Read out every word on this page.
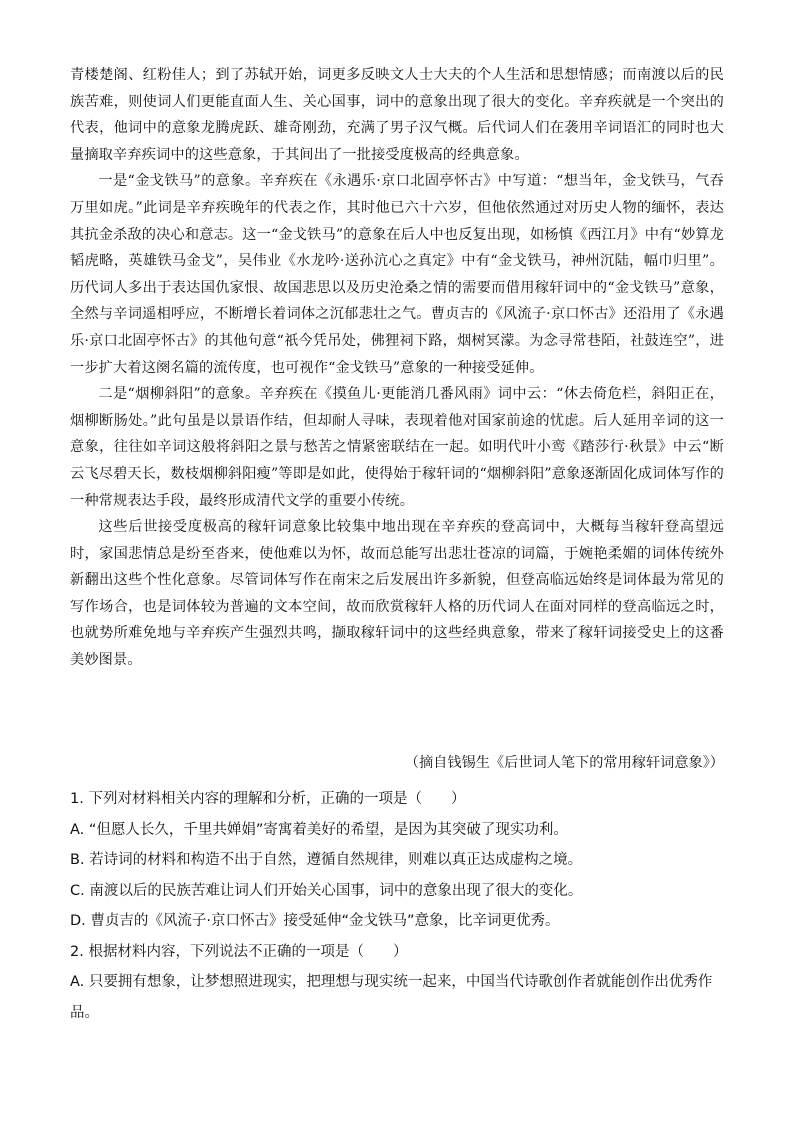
青楼楚阁、红粉佳人；到了苏轼开始，词更多反映文人士大夫的个人生活和思想情感；而南渡以后的民族苦难，则使词人们更能直面人生、关心国事，词中的意象出现了很大的变化。辛弃疾就是一个突出的代表，他词中的意象龙腾虎跃、雄奇刚劲，充满了男子汉气概。后代词人们在袭用辛词语汇的同时也大量摘取辛弃疾词中的这些意象，于其间出了一批接受度极高的经典意象。

一是“金戈铁马”的意象。辛弃疾在《永遇乐·京口北固亭怀古》中写道：“想当年，金戈铁马，气吞万里如虎。”此词是辛弃疾晚年的代表之作，其时他已六十六岁，但他依然通过对历史人物的缅怀，表达其抗金杀敌的决心和意志。这一“金戈铁马”的意象在后人中也反复出现，如杨慎《西江月》中有“妙算龙韬虎略，英雄铁马金戈”，吴伟业《水龙吟·送孙沆心之真定》中有“金戈铁马，神州沉陆，幅巾归里”。历代词人多出于表达国仇家恨、故国悲思以及历史沧桑之情的需要而借用稼轩词中的“金戈铁马”意象，全然与辛词遥相呼应，不断增长着词体之沉郁悲壮之气。曹贞吉的《风流子·京口怀古》还沿用了《永遇乐·京口北固亭怀古》的其他句意“祇今凭吊处，佛狸祠下路，烟树冥濛。为念寻常巷陌，社鼓连空”，进一步扩大着这阕名篇的流传度，也可视作“金戈铁马”意象的一种接受延伸。

二是“烟柳斜阳”的意象。辛弃疾在《摸鱼儿·更能消几番风雨》词中云：“休去倚危栏，斜阳正在，烟柳断肠处。”此句虽是以景语作结，但却耐人寻味，表现着他对国家前途的忧虑。后人延用辛词的这一意象，往往如辛词这般将斜阳之景与愁苦之情紧密联结在一起。如明代叶小鸾《踏莎行·秋景》中云“断云飞尽碧天长，数枝烟柳斜阳瘦”等即是如此，使得始于稼轩词的“烟柳斜阳”意象逐渐固化成词体写作的一种常规表达手段，最终形成清代文学的重要小传统。

这些后世接受度极高的稼轩词意象比较集中地出现在辛弃疾的登高词中，大概每当稼轩登高望远时，家国悲情总是纷至沓来，使他难以为怀，故而总能写出悲壮苍凉的词篇，于婉艳柔媚的词体传统外新翻出这些个性化意象。尽管词体写作在南宋之后发展出许多新貌，但登高临远始终是词体最为常见的写作场合，也是词体较为普遍的文本空间，故而欣赏稼轩人格的历代词人在面对同样的登高临远之时，也就势所难免地与辛弃疾产生强烈共鸣，撷取稼轩词中的这些经典意象，带来了稼轩词接受史上的这番美妙图景。

（摘自钱锡生《后世词人笔下的常用稼轩词意象》）

1. 下列对材料相关内容的理解和分析，正确的一项是（　　）

A. “但愿人长久，千里共婵娟”寄寓着美好的希望，是因为其突破了现实功利。

B. 若诗词的材料和构造不出于自然，遵循自然规律，则难以真正达成虚构之境。

C. 南渡以后的民族苦难让词人们开始关心国事，词中的意象出现了很大的变化。

D. 曹贞吉的《风流子·京口怀古》接受延伸“金戈铁马”意象，比辛词更优秀。

2. 根据材料内容，下列说法不正确的一项是（　　）

A. 只要拥有想象，让梦想照进现实，把理想与现实统一起来，中国当代诗歌创作者就能创作出优秀作品。
